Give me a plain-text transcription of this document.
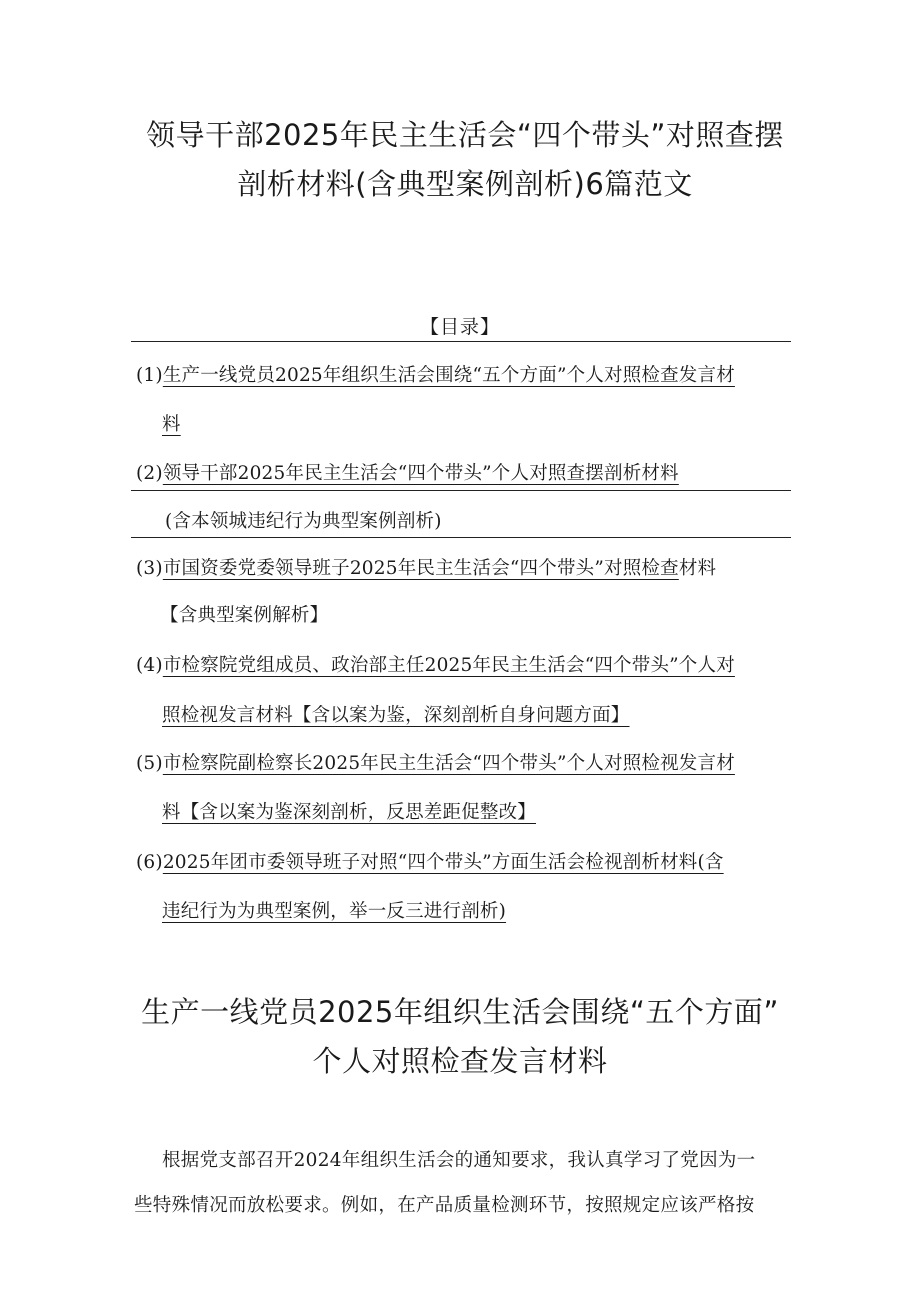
领导干部2025年民主生活会“四个带头”对照查摆
剖析材料(含典型案例剖析)6篇范文
【目录】
(1)生产一线党员2025年组织生活会围绕“五个方面”个人对照检查发言材
料
(2)领导干部2025年民主生活会“四个带头”个人对照查摆剖析材料
(含本领城违纪行为典型案例剖析)
(3)市国资委党委领导班子2025年民主生活会“四个带头”对照检查材料
【含典型案例解析】
(4)市检察院党组成员、政治部主任2025年民主生活会“四个带头”个人对
照检视发言材料【含以案为鉴，深刻剖析自身问题方面】
(5)市检察院副检察长2025年民主生活会“四个带头”个人对照检视发言材
料【含以案为鉴深刻剖析，反思差距促整改】
(6)2025年团市委领导班子对照“四个带头”方面生活会检视剖析材料(含
违纪行为为典型案例，举一反三进行剖析)
生产一线党员2025年组织生活会围绕“五个方面”
个人对照检查发言材料
根据党支部召开2024年组织生活会的通知要求，我认真学习了党因为一
些特殊情况而放松要求。例如，在产品质量检测环节，按照规定应该严格按
